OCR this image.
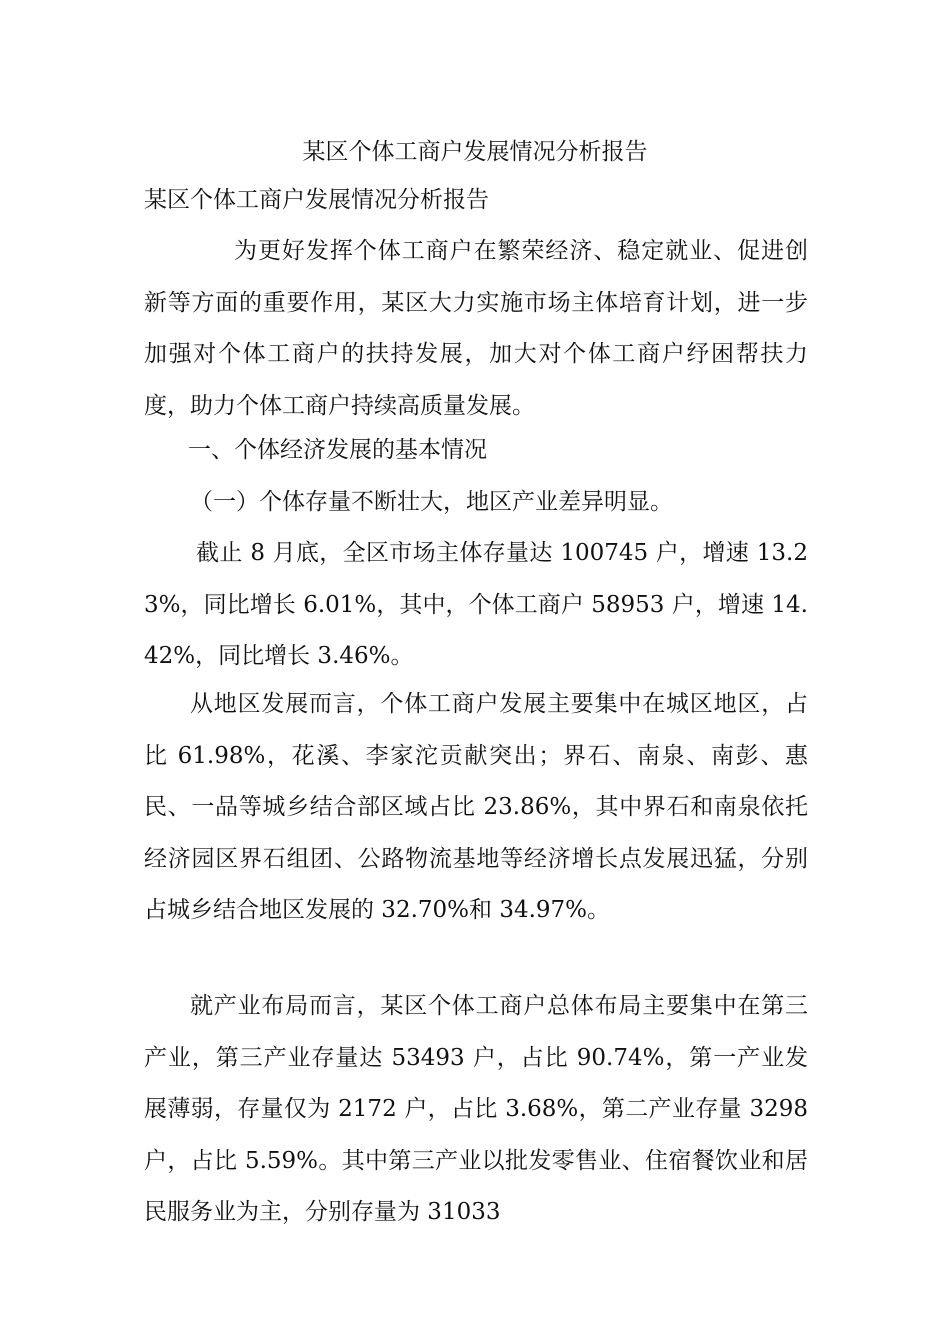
某区个体工商户发展情况分析报告

某区个体工商户发展情况分析报告

为更好发挥个体工商户在繁荣经济、稳定就业、促进创新等方面的重要作用，某区大力实施市场主体培育计划，进一步加强对个体工商户的扶持发展，加大对个体工商户纾困帮扶力度，助力个体工商户持续高质量发展。

一、个体经济发展的基本情况

（一）个体存量不断壮大，地区产业差异明显。

截止 8 月底，全区市场主体存量达 100745 户，增速 13.23%，同比增长 6.01%，其中，个体工商户 58953 户，增速 14.42%，同比增长 3.46%。

从地区发展而言，个体工商户发展主要集中在城区地区，占比 61.98%，花溪、李家沱贡献突出；界石、南泉、南彭、惠民、一品等城乡结合部区域占比 23.86%，其中界石和南泉依托经济园区界石组团、公路物流基地等经济增长点发展迅猛，分别占城乡结合地区发展的 32.70%和 34.97%。

就产业布局而言，某区个体工商户总体布局主要集中在第三产业，第三产业存量达 53493 户，占比 90.74%，第一产业发展薄弱，存量仅为 2172 户，占比 3.68%，第二产业存量 3298 户，占比 5.59%。其中第三产业以批发零售业、住宿餐饮业和居民服务业为主，分别存量为 31033
